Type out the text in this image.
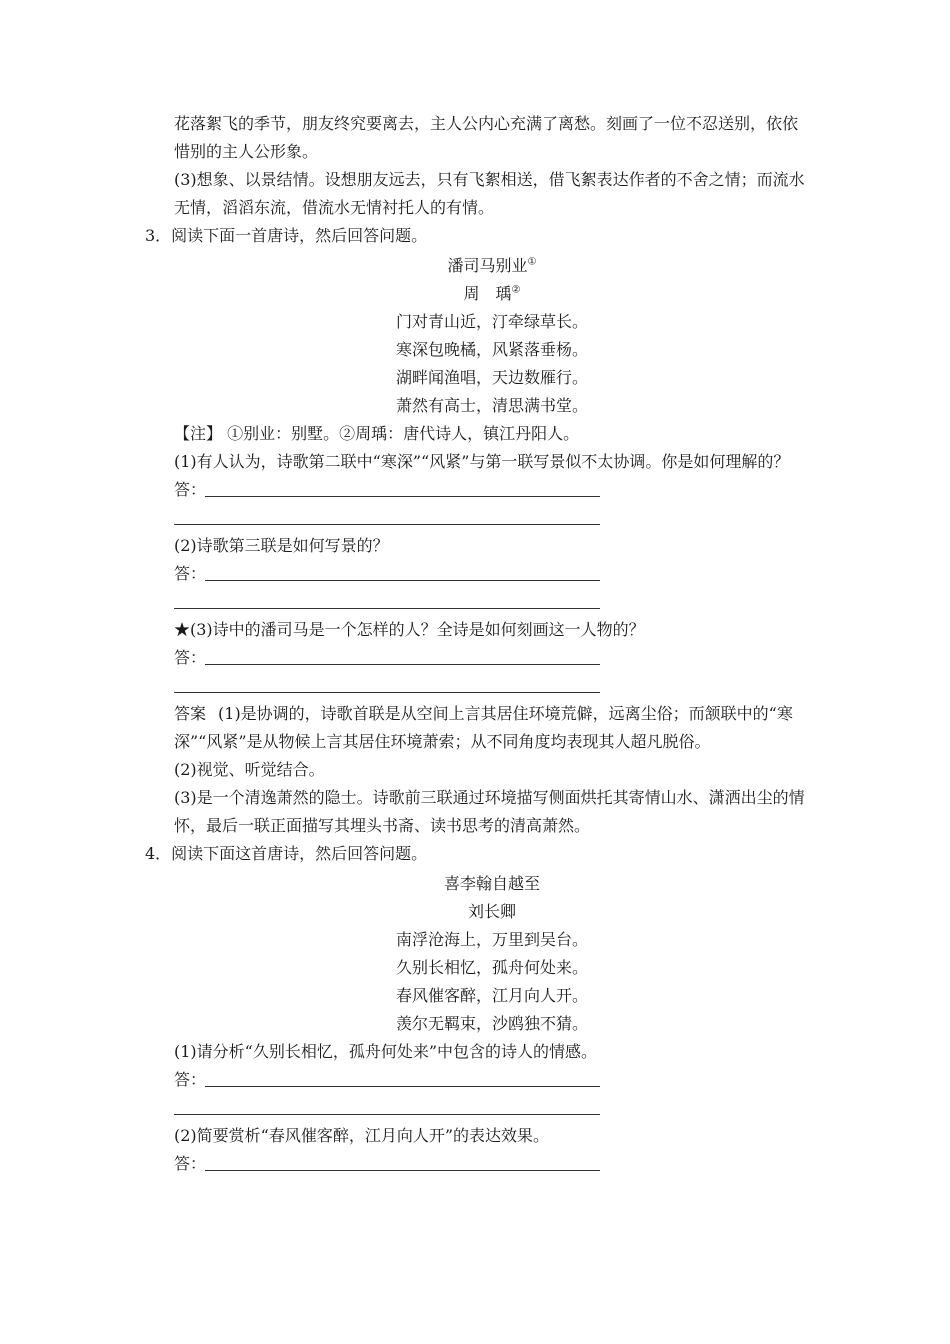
花落絮飞的季节，朋友终究要离去，主人公内心充满了离愁。刻画了一位不忍送别，依依惜别的主人公形象。

(3)想象、以景结情。设想朋友远去，只有飞絮相送，借飞絮表达作者的不舍之情；而流水无情，滔滔东流，借流水无情衬托人的有情。

3．阅读下面一首唐诗，然后回答问题。

潘司马别业①

周　瑀②

门对青山近，汀牵绿草长。

寒深包晚橘，风紧落垂杨。

湖畔闻渔唱，天边数雁行。

萧然有高士，清思满书堂。

【注】 ①别业：别墅。②周瑀：唐代诗人，镇江丹阳人。

(1)有人认为，诗歌第二联中“寒深”“风紧”与第一联写景似不太协调。你是如何理解的？

答：

(2)诗歌第三联是如何写景的？

答：

★(3)诗中的潘司马是一个怎样的人？全诗是如何刻画这一人物的？

答：

答案 (1)是协调的，诗歌首联是从空间上言其居住环境荒僻，远离尘俗；而颔联中的“寒深”“风紧”是从物候上言其居住环境萧索；从不同角度均表现其人超凡脱俗。

(2)视觉、听觉结合。

(3)是一个清逸萧然的隐士。诗歌前三联通过环境描写侧面烘托其寄情山水、潇洒出尘的情怀，最后一联正面描写其埋头书斋、读书思考的清高萧然。

4．阅读下面这首唐诗，然后回答问题。

喜李翰自越至

刘长卿

南浮沧海上，万里到吴台。

久别长相忆，孤舟何处来。

春风催客醉，江月向人开。

羡尔无羁束，沙鸥独不猜。

(1)请分析“久别长相忆，孤舟何处来”中包含的诗人的情感。

答：

(2)简要赏析“春风催客醉，江月向人开”的表达效果。

答：
